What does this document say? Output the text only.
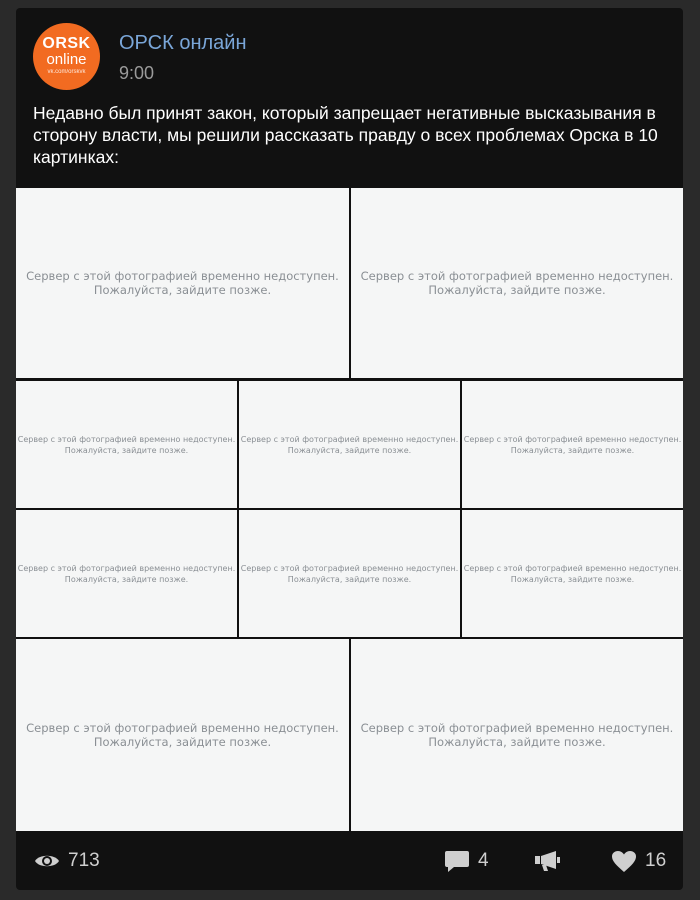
ORSK
online
vk.com/orskvk
ОРСК онлайн
9:00
Недавно был принят закон, который запрещает негативные высказывания в сторону власти, мы решили рассказать правду о всех проблемах Орска в 10 картинках:
Сервер с этой фотографией временно недоступен.
Пожалуйста, зайдите позже.
Сервер с этой фотографией временно недоступен.
Пожалуйста, зайдите позже.
Сервер с этой фотографией временно недоступен.
Пожалуйста, зайдите позже.
Сервер с этой фотографией временно недоступен.
Пожалуйста, зайдите позже.
Сервер с этой фотографией временно недоступен.
Пожалуйста, зайдите позже.
Сервер с этой фотографией временно недоступен.
Пожалуйста, зайдите позже.
Сервер с этой фотографией временно недоступен.
Пожалуйста, зайдите позже.
Сервер с этой фотографией временно недоступен.
Пожалуйста, зайдите позже.
Сервер с этой фотографией временно недоступен.
Пожалуйста, зайдите позже.
Сервер с этой фотографией временно недоступен.
Пожалуйста, зайдите позже.
713	4	16
